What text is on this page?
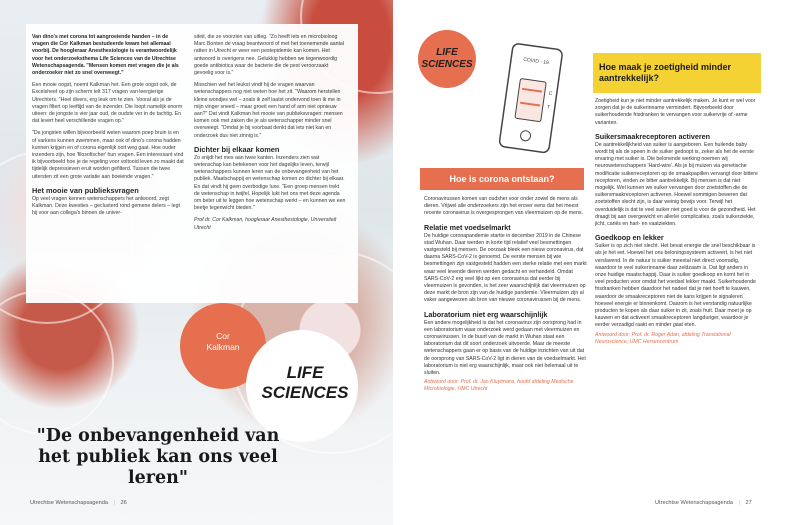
Van dino's met corona tot aangroeiende handen – in de vragen die Cor Kalkman bestudeerde kwam het allemaal voorbij. De hoogleraar Anesthesiologie is verantwoordelijk voor het onderzoeksthema Life Sciences van de Utrechtse Wetenschapsagenda. "Mensen komen met vragen die je als onderzoeker niet zo snel overweegt."

Een mooie oogst, noemt Kalkman het. Een grote oogst ook, de Excelsheet op zijn scherm telt 317 vragen van leergierige Utrechters. "Heel divers, erg leuk om te zien. Vooral als je de vragen filtert op leeftijd van de inzender. Die loopt namelijk enorm uiteen: de jongste is vier jaar oud, de oudste ver in de tachtig. En dat levert heel verschillende vragen op."

"De jongsten willen bijvoorbeeld weten waarom poep bruin is en of varkens kunnen zwemmen, maar ook of dino's corona hadden kunnen krijgen en of corona eigenlijk ooit weg gaat. Hoe ouder inzenders zijn, hoe 'filosofischer' hun vragen. Een interessant vind ik bijvoorbeeld hoe je de regeling voor voltooid leven zo maakt dat tijdelijk depressieven eruit worden gefilterd. Tussen die twee uitersten zit een grote variatie aan boeiende vragen."

Het mooie van publieksvragen

Op veel vragen kennen wetenschappers het antwoord, zegt Kalkman. Deze kwesties – geclusterd rond gemene delers – legt hij voor aan collega's binnen de univer-

siteit, die ze voorzien van uitleg. "Zo heeft iets en microbioloog Marc Bonten de vraag beantwoord of met het toenemende aantal ratten in Utrecht er weer een pestepidemie kan komen. Het antwoord is overigens nee. Gelukkig hebben we tegenwoordig goede antibiotica waar de bacterie die de pest veroorzaakt gevoelig voor is."

Misschien wel het leukst vindt hij de vragen waarvan wetenschappers nog niet weten hoe het zit. "Waarom herstellen kleine wondjes wel – zoals ik zelf laatst ondervond toen ik me in mijn vinger sneed – maar groeit een hand of arm niet opnieuw aan?" Dat vindt Kalkman het mooie van publieksvragen: mensen komen ook met zaken die je als wetenschapper minder snel overweegt. "Omdat je bij voorbaat denkt dat iets niet kan en onderzoek dus niet zinnig is."

Dichter bij elkaar komen

Zo snijdt het mes aan twee kanten. Inzenders zien wat wetenschap kan betekenen voor het dagelijks leven, terwijl wetenschappers kunnen leren van de onbevangenheid van het publiek. Maatschappij en wetenschap komen zo dichter bij elkaar. En dat vindt hij geen overbodige luxe. "Een groep mensen trekt de wetenschap in twijfel. Hopelijk lukt het ons met deze agenda om beter uit te leggen hoe wetenschap werkt – en kunnen we een beetje tegenwicht bieden."

Prof.dr. Cor Kalkman, hoogleraar Anesthesiologie, Universiteit Utrecht

Cor
Kalkman
LIFE
SCIENCES
"De onbevangenheid van het publiek kan ons veel leren"
Utrechtse Wetenschapsagenda | 26
LIFE
SCIENCES	COVID - 19
C
T
Hoe is corona ontstaan?

Coronavirussen komen van oudsher voor onder zowel de mens als dieren. Vrijwel alle onderzoekers zijn het erover eens dat het meest recente coronavirus is overgesprongen van vleermuizen op de mens.

Relatie met voedselmarkt

De huidige coronapandemie startte in december 2019 in de Chinese stad Wuhan. Daar werden in korte tijd relatief veel besmettingen vastgesteld bij mensen. De oorzaak bleek een nieuw coronavirus, dat daarna SARS-CoV-2 is genoemd. De eerste mensen bij wie besmettingen zijn vastgesteld hadden een sterke relatie met een markt waar veel levende dieren werden gedacht en verhandeld. Omdat SARS-CoV-2 erg veel lijkt op een coronavirus dat eerder bij vleermuizen is gevonden, is het zeer waarschijnlijk dat vleermuizen op deze markt de bron zijn van de huidige pandemie. Vleermuizen zijn al vaker aangewezen als bron van nieuwe coronavirussen bij de mens.

Laboratorium niet erg waarschijnlijk

Een andere mogelijkheid is dat het coronavirus zijn oorsprong had in een laboratorium waar onderzoek werd gedaan met vleermuizen en coronavirussen. In de buurt van de markt in Wuhan staat een laboratorium dat dit soort onderzoek uitvoerde. Maar de meeste wetenschappers gaan er op basis van de huidige inzichten van uit dat de oorsprong van SARS-CoV-2 ligt in dieren van de voedselmarkt. Het laboratorium is niet erg waarschijnlijk, maar ook niet helemaal uit te sluiten.

Antwoord door: Prof. dr. Jan Kluytmans, hoofd afdeling Medische Microbiologie, UMC Utrecht

Hoe maak je zoetigheid minder aantrekkelijk?

Zoetigheid kun je niet minder aantrekkelijk maken. Je kunt er wel voor zorgen dat je de suikerinname vermindert. Bijvoorbeeld door suikerhoudende frisdranken te vervangen voor suikervrije of -arme varianten.

Suikersmaakreceptoren activeren

De aantrekkelijkheid van suiker is aangeboren. Een huilende baby wordt bij als de speen in de suiker gedoopt is, zeker als het de eerste ervaring met suiker is. Die belonende werking noemen wij neurowetenschappers 'Hard-wire'. Als je bij muizen via genetische modificatie suikerreceptoren op de smaakpapillen vervangt door bittere receptoren, vinden ze bitter aantrekkelijk. Bij mensen is dat niet mogelijk. Wel kunnen we suiker vervangen door zoetstoffen die de suikersmaakreceptoren activeren. Hoewel sommigen beweren dat zoetstoffen slecht zijn, is daar weinig bewijs voor. Terwijl het overduidelijk is dat te veel suiker niet goed is voor de gezondheid. Het draagt bij aan overgewicht en allerlei complicaties, zoals suikerziekte, jicht, cariës en hart- en vaatziekten.

Goedkoop en lekker

Suiker is op zich niet slecht. Het bevat energie die snel beschikbaar is als je het eet. Hoewel het ons beloningssysteem activeert, is het niet verslavend. In de natuur is suiker meestal niet direct voorradig, waardoor te veel suikerinname daar zeldzaam is. Dat ligt anders in onze huidige maatschappij. Daar is suiker goedkoop en komt het in veel producten voor omdat het voedsel lekker maakt. Suikerhoudende frisdranken hebben daardoor het nadeel dat je niet hoeft te kauwen, waardoor de smaakreceptoren niet de kans krijgen te signaleren hoeveel energie er binnenkomt. Daarom is het verstandig natuurlijke producten te kopen als daar suiker in zit, zoals fruit. Daar moet je op kauwen en dat activeert smaakreceptoren langduriger, waardoor je eerder verzadigd raakt en minder gaat eten.

Antwoord door: Prof. dr. Roger Adan, afdeling Translational Neuroscience, UMC Hersencentrum

Utrechtse Wetenschapsagenda | 27
